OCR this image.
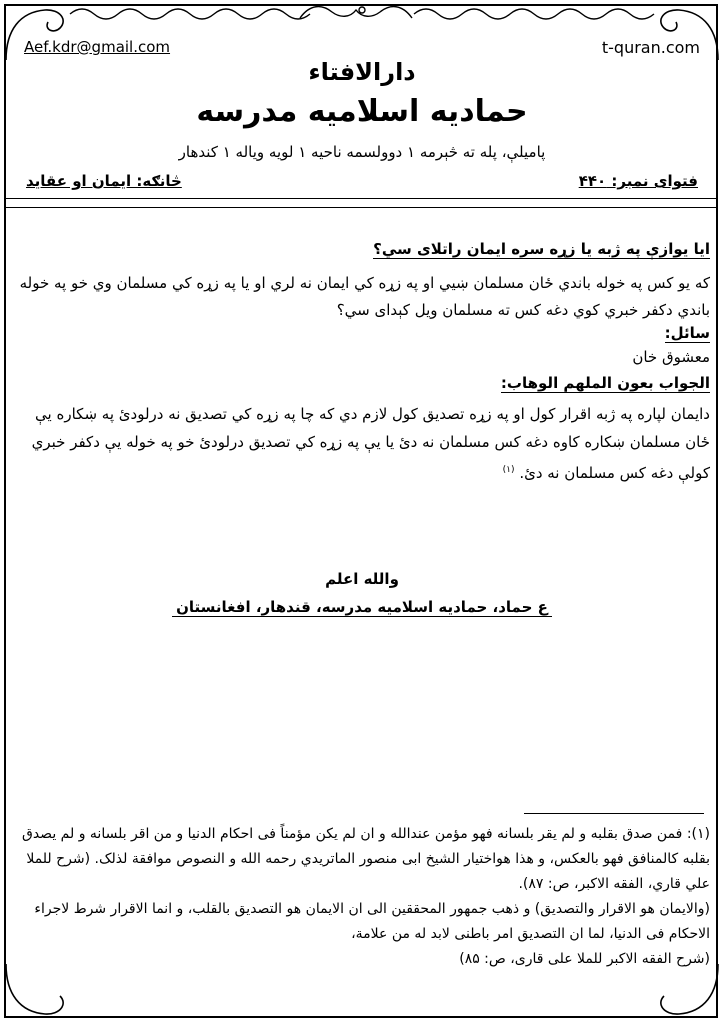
Aef.kdr@gmail.com	t-quran.com
دارالافتاء
حمادیه اسلامیه مدرسه
پامیلې، پله ته څېرمه ۱ دوولسمه ناحیه ۱ لویه ویاله ۱ کندهار
فتوای نمبر: ۴۴۰
څانګه: ایمان او عقاید
ایا یوازې په ژبه یا زړه سره ایمان راتلای سي؟
که یو کس په خوله باندي ځان مسلمان ښیي او په زړه کي ایمان نه لري او یا په زړه کي مسلمان وي خو په خوله باندي دکفر خبري کوي دغه کس ته مسلمان ویل کېدای سي؟
سائل:
معشوق خان
الجواب بعون الملهم الوهاب:
دایمان لپاره په ژبه اقرار کول او په زړه تصدیق کول لازم دي که چا په زړه کي تصدیق نه درلودئ په ښکاره یې ځان مسلمان ښکاره کاوه دغه کس مسلمان نه دئ یا یې په زړه کي تصدیق درلودئ خو په خوله یې دکفر خبري کولې دغه کس مسلمان نه دئ. $^{(۱)}$
والله اعلم
ع حماد، حمادیه اسلامیه مدرسه، قندهار، افغانستان

(۱): فمن صدق بقلبه و لم یقر بلسانه فهو مؤمن عندالله و ان لم یکن مؤمناً فی احکام الدنیا و من اقر بلسانه و لم یصدق بقلبه کالمنافق فهو بالعکس، و هذا هواختیار الشیخ ابی منصور الماتریدي رحمه الله و النصوص موافقة لذلک. (شرح للملا علي قاري، الفقه الاکبر، ص: ۸۷).

(والایمان هو الاقرار والتصدیق) و ذهب جمهور المحققین الی ان الایمان هو التصدیق بالقلب، و انما الاقرار شرط لاجراء الاحکام فی الدنیا، لما ان التصدیق امر باطنی لابد له من علامة،

(شرح الفقه الاکبر للملا علی قاری، ص: ۸۵)
